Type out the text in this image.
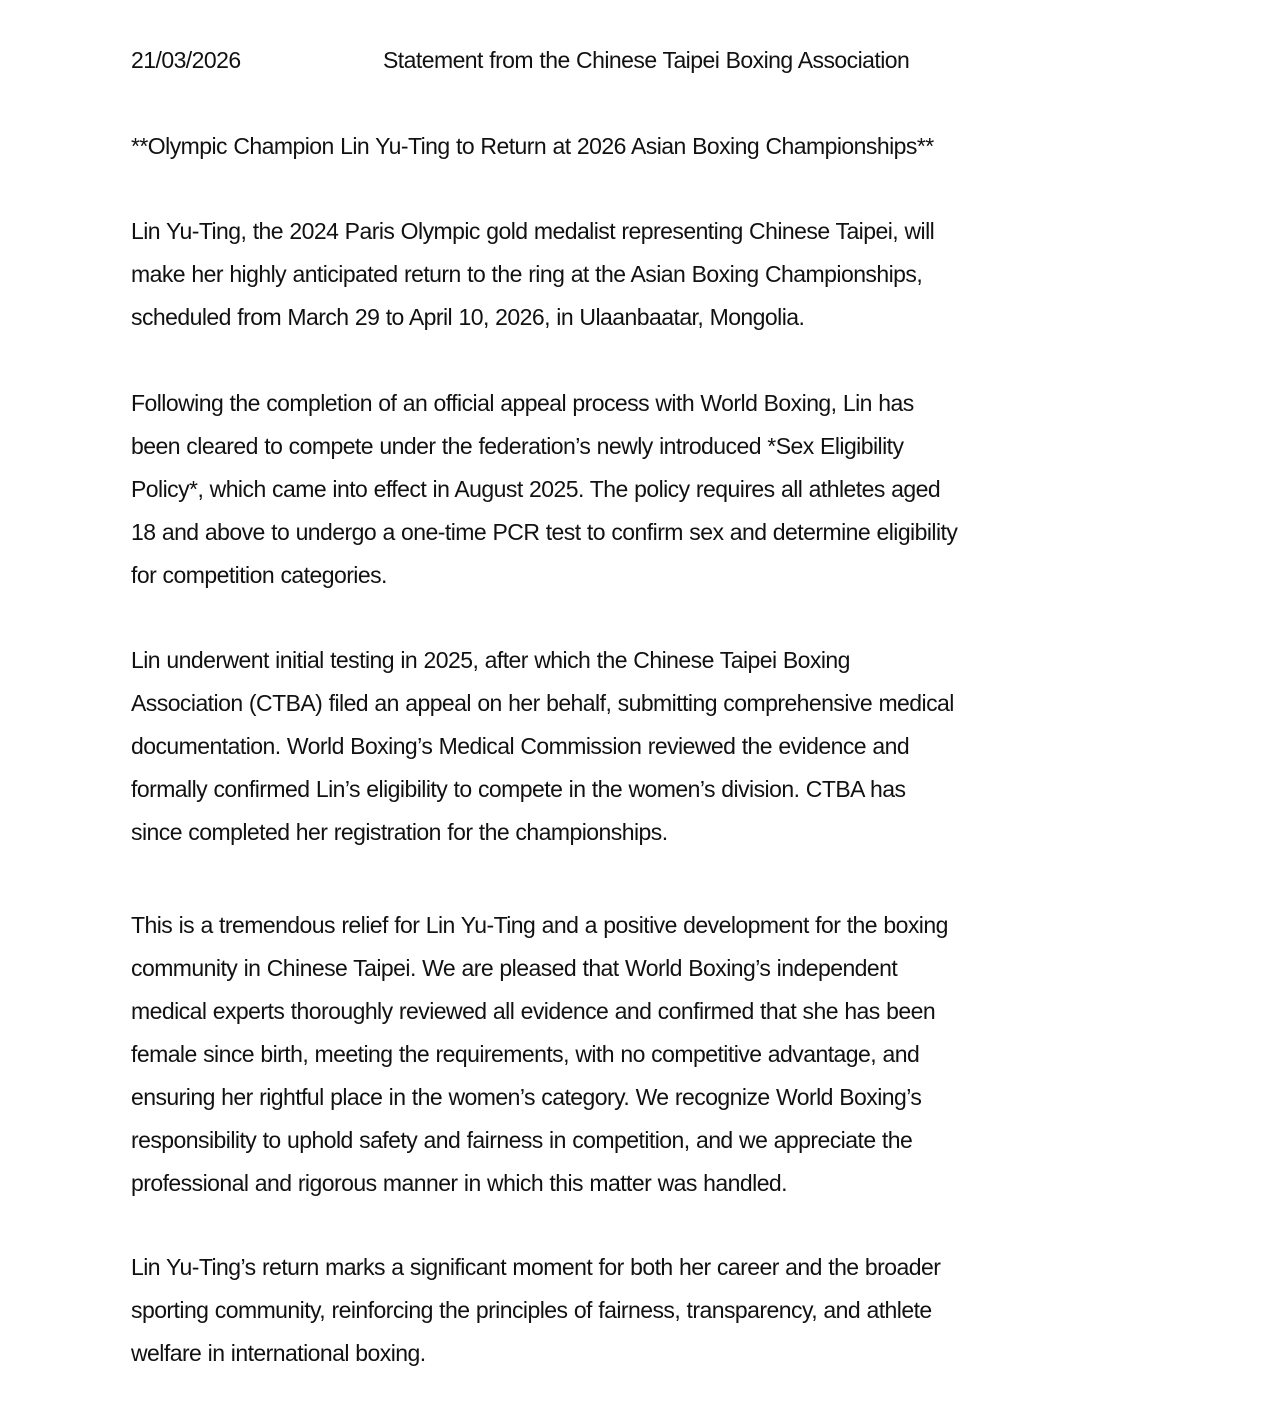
21/03/2026	Statement from the Chinese Taipei Boxing Association
**Olympic Champion Lin Yu-Ting to Return at 2026 Asian Boxing Championships**

Lin Yu-Ting, the 2024 Paris Olympic gold medalist representing Chinese Taipei, will
make her highly anticipated return to the ring at the Asian Boxing Championships,
scheduled from March 29 to April 10, 2026, in Ulaanbaatar, Mongolia.

Following the completion of an official appeal process with World Boxing, Lin has
been cleared to compete under the federation’s newly introduced *Sex Eligibility
Policy*, which came into effect in August 2025. The policy requires all athletes aged
18 and above to undergo a one-time PCR test to confirm sex and determine eligibility
for competition categories.

Lin underwent initial testing in 2025, after which the Chinese Taipei Boxing
Association (CTBA) filed an appeal on her behalf, submitting comprehensive medical
documentation. World Boxing’s Medical Commission reviewed the evidence and
formally confirmed Lin’s eligibility to compete in the women’s division. CTBA has
since completed her registration for the championships.

This is a tremendous relief for Lin Yu-Ting and a positive development for the boxing
community in Chinese Taipei. We are pleased that World Boxing’s independent
medical experts thoroughly reviewed all evidence and confirmed that she has been
female since birth, meeting the requirements, with no competitive advantage, and
ensuring her rightful place in the women’s category. We recognize World Boxing’s
responsibility to uphold safety and fairness in competition, and we appreciate the
professional and rigorous manner in which this matter was handled.

Lin Yu-Ting’s return marks a significant moment for both her career and the broader
sporting community, reinforcing the principles of fairness, transparency, and athlete
welfare in international boxing.
